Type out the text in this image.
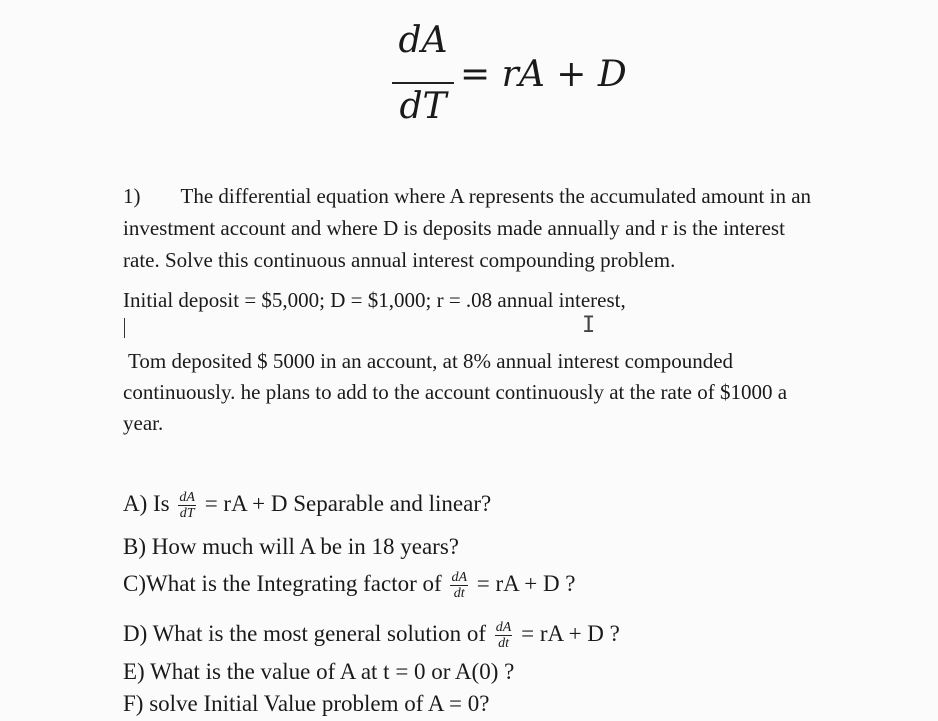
dA
dT
= rA + D
1) The differential equation where A represents the accumulated amount in an
investment account and where D is deposits made annually and r is the interest
rate. Solve this continuous annual interest compounding problem.
Initial deposit = $5,000; D = $1,000; r = .08 annual interest,
I
Tom deposited $ 5000 in an account, at 8% annual interest compounded
continuously. he plans to add to the account continuously at the rate of $1000 a
year.
A) Is $\frac{dA}{dT}$ = rA + D Separable and linear?
B) How much will A be in 18 years?
C)What is the Integrating factor of $\frac{dA}{dt}$ = rA + D ?
D) What is the most general solution of $\frac{dA}{dt}$ = rA + D ?
E) What is the value of A at t = 0 or A(0) ?
F) solve Initial Value problem of A = 0?
